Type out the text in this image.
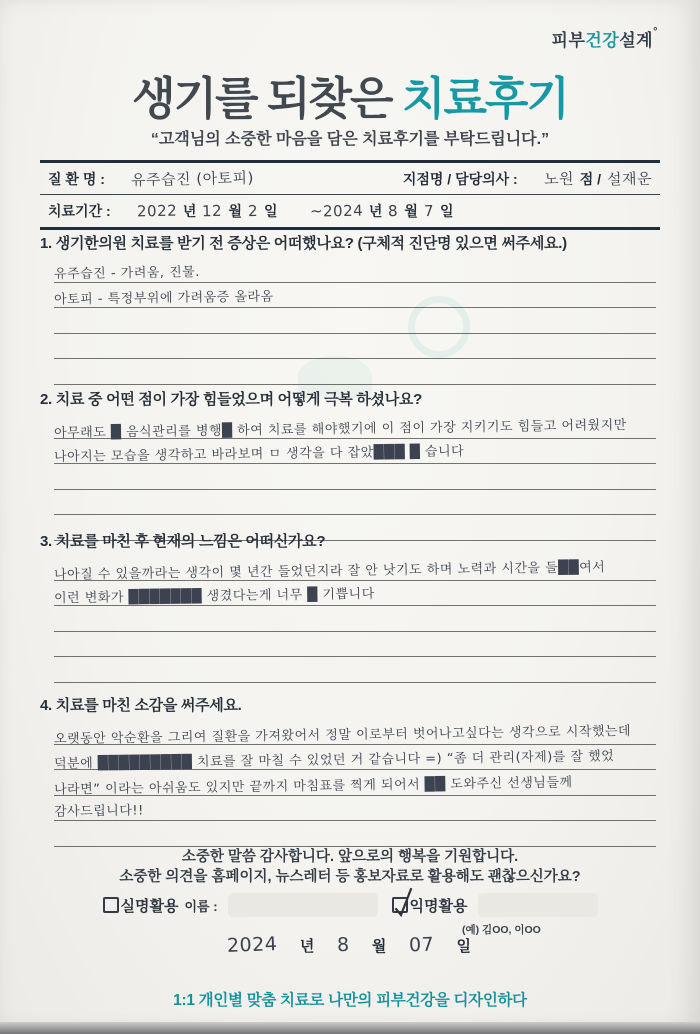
피부건강설계°
생기를 되찾은 치료후기
“고객님의 소중한 마음을 담은 치료후기를 부탁드립니다.”
질 환 명 : 유주습진 (아토피)	지점명 / 담당의사 : 노원 점 / 설재운
치료기간 : 2022 년 12 월 2 일 ~ 2024 년 8 월 7 일
1. 생기한의원 치료를 받기 전 증상은 어떠했나요? (구체적 진단명 있으면 써주세요.)
유주습진 - 가려움, 진물.
아토피 - 특정부위에 가려움증 올라옴
2. 치료 중 어떤 점이 가장 힘들었으며 어떻게 극복 하셨나요?
아무래도 █ 음식관리를 병행█ 하여 치료를 해야했기에 이 점이 가장 지키기도 힘들고 어려웠지만
나아지는 모습을 생각하고 바라보며 ㅁ 생각을 다 잡았███ █ 습니다
3. 치료를 마친 후 현재의 느낌은 어떠신가요?
나아질 수 있을까라는 생각이 몇 년간 들었던지라 잘 안 낫기도 하며 노력과 시간을 들██여서
이런 변화가 ███████ 생겼다는게 너무 █ 기쁩니다
4. 치료를 마친 소감을 써주세요.
오랫동안 악순환을 그리여 질환을 가져왔어서 정말 이로부터 벗어나고싶다는 생각으로 시작했는데
덕분에 █████████ 치료를 잘 마칠 수 있었던 거 같습니다 =) “좀 더 관리(자제)를 잘 했었
나라면” 이라는 아쉬움도 있지만 끝까지 마침표를 찍게 되어서 ██ 도와주신 선생님들께
감사드립니다!!
소중한 말씀 감사합니다. 앞으로의 행복을 기원합니다.
소중한 의견을 홈페이지, 뉴스레터 등 홍보자료로 활용해도 괜찮으신가요?
실명활용 이름 :	익명활용
(예) 김OO, 이OO
2024 년 8 월 07 일
1:1 개인별 맞춤 치료로 나만의 피부건강을 디자인하다
